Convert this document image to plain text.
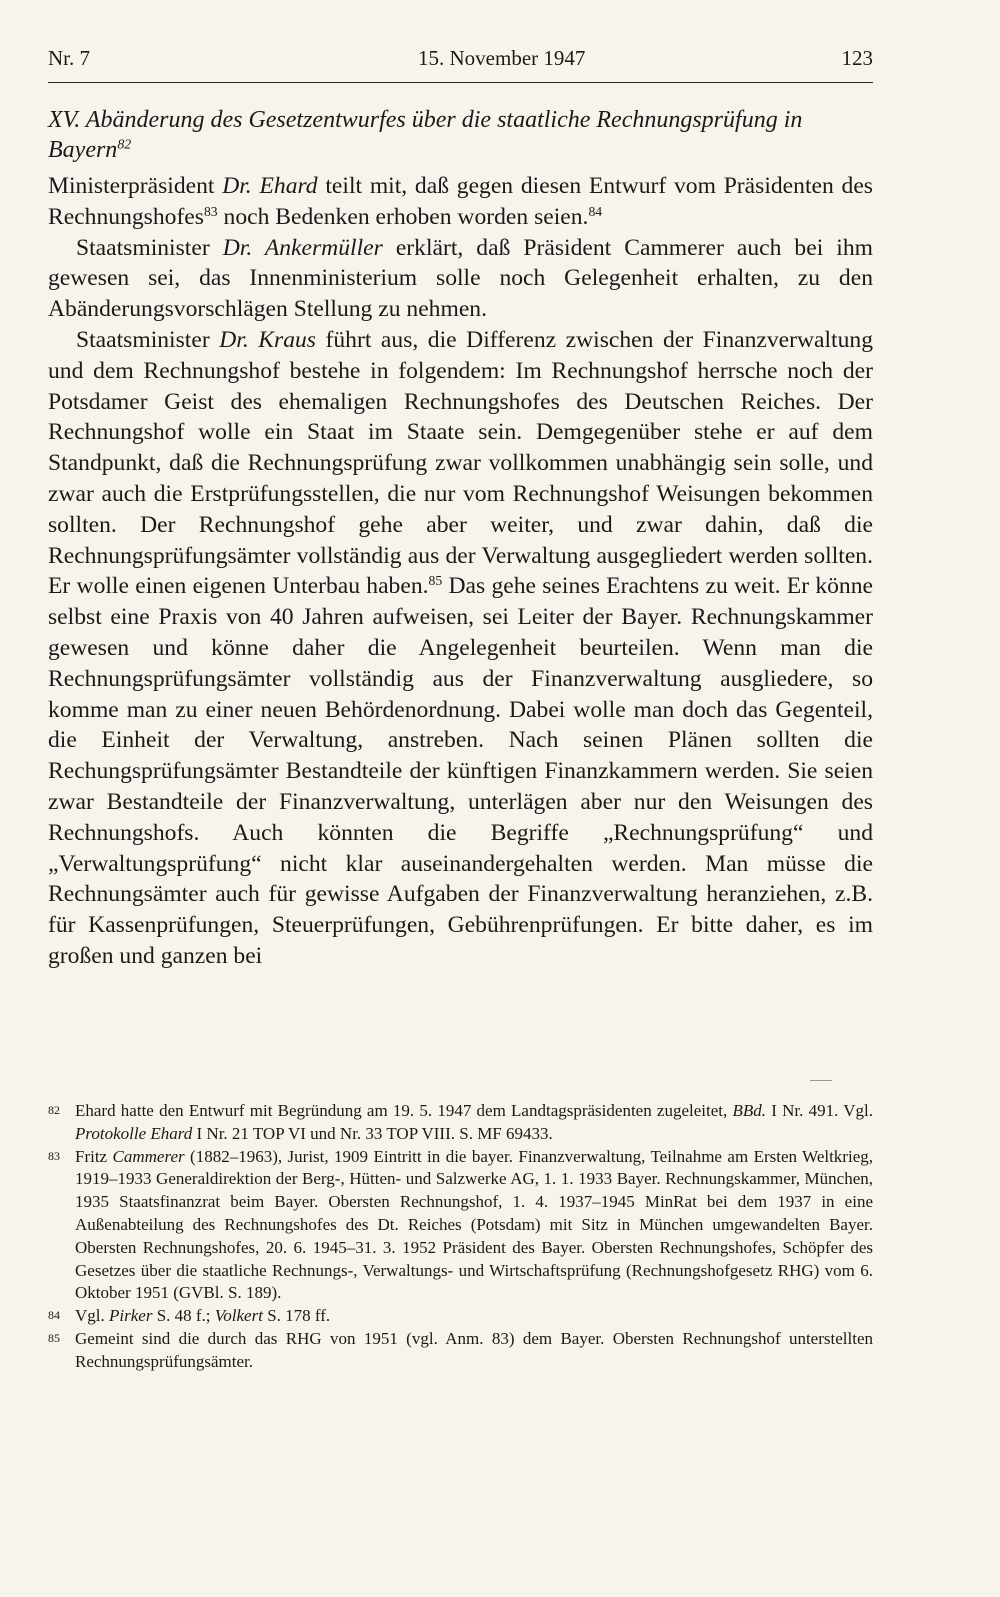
Nr. 7	15. November 1947	123
XV. Abänderung des Gesetzentwurfes über die staatliche Rechnungsprüfung in Bayern$^{82}$

Ministerpräsident Dr. Ehard teilt mit, daß gegen diesen Entwurf vom Präsidenten des Rechnungshofes$^{83}$ noch Bedenken erhoben worden seien.$^{84}$

Staatsminister Dr. Ankermüller erklärt, daß Präsident Cammerer auch bei ihm gewesen sei, das Innenministerium solle noch Gelegenheit erhalten, zu den Abänderungsvorschlägen Stellung zu nehmen.

Staatsminister Dr. Kraus führt aus, die Differenz zwischen der Finanzverwaltung und dem Rechnungshof bestehe in folgendem: Im Rechnungshof herrsche noch der Potsdamer Geist des ehemaligen Rechnungshofes des Deutschen Reiches. Der Rechnungshof wolle ein Staat im Staate sein. Demgegenüber stehe er auf dem Standpunkt, daß die Rechnungsprüfung zwar vollkommen unabhängig sein solle, und zwar auch die Erstprüfungsstellen, die nur vom Rechnungshof Weisungen bekommen sollten. Der Rechnungshof gehe aber weiter, und zwar dahin, daß die Rechnungsprüfungsämter vollständig aus der Verwaltung ausgegliedert werden sollten. Er wolle einen eigenen Unterbau haben.$^{85}$ Das gehe seines Erachtens zu weit. Er könne selbst eine Praxis von 40 Jahren aufweisen, sei Leiter der Bayer. Rechnungskammer gewesen und könne daher die Angelegenheit beurteilen. Wenn man die Rechnungsprüfungsämter vollständig aus der Finanzverwaltung ausgliedere, so komme man zu einer neuen Behördenordnung. Dabei wolle man doch das Gegenteil, die Einheit der Verwaltung, anstreben. Nach seinen Plänen sollten die Rechungsprüfungsämter Bestandteile der künftigen Finanzkammern werden. Sie seien zwar Bestandteile der Finanzverwaltung, unterlägen aber nur den Weisungen des Rechnungshofs. Auch könnten die Begriffe „Rechnungsprüfung“ und „Verwaltungsprüfung“ nicht klar auseinandergehalten werden. Man müsse die Rechnungsämter auch für gewisse Aufgaben der Finanzverwaltung heranziehen, z.B. für Kassenprüfungen, Steuerprüfungen, Gebührenprüfungen. Er bitte daher, es im großen und ganzen bei

82 Ehard hatte den Entwurf mit Begründung am 19. 5. 1947 dem Landtagspräsidenten zugeleitet, BBd. I Nr. 491. Vgl. Protokolle Ehard I Nr. 21 TOP VI und Nr. 33 TOP VIII. S. MF 69433.
83 Fritz Cammerer (1882–1963), Jurist, 1909 Eintritt in die bayer. Finanzverwaltung, Teilnahme am Ersten Weltkrieg, 1919–1933 Generaldirektion der Berg-, Hütten- und Salzwerke AG, 1. 1. 1933 Bayer. Rechnungskammer, München, 1935 Staatsfinanzrat beim Bayer. Obersten Rechnungshof, 1. 4. 1937–1945 MinRat bei dem 1937 in eine Außenabteilung des Rechnungshofes des Dt. Reiches (Potsdam) mit Sitz in München umgewandelten Bayer. Obersten Rechnungshofes, 20. 6. 1945–31. 3. 1952 Präsident des Bayer. Obersten Rechnungshofes, Schöpfer des Gesetzes über die staatliche Rechnungs-, Verwaltungs- und Wirtschaftsprüfung (Rechnungshofgesetz RHG) vom 6. Oktober 1951 (GVBl. S. 189).
84 Vgl. Pirker S. 48 f.; Volkert S. 178 ff.
85 Gemeint sind die durch das RHG von 1951 (vgl. Anm. 83) dem Bayer. Obersten Rechnungshof unterstellten Rechnungsprüfungsämter.
